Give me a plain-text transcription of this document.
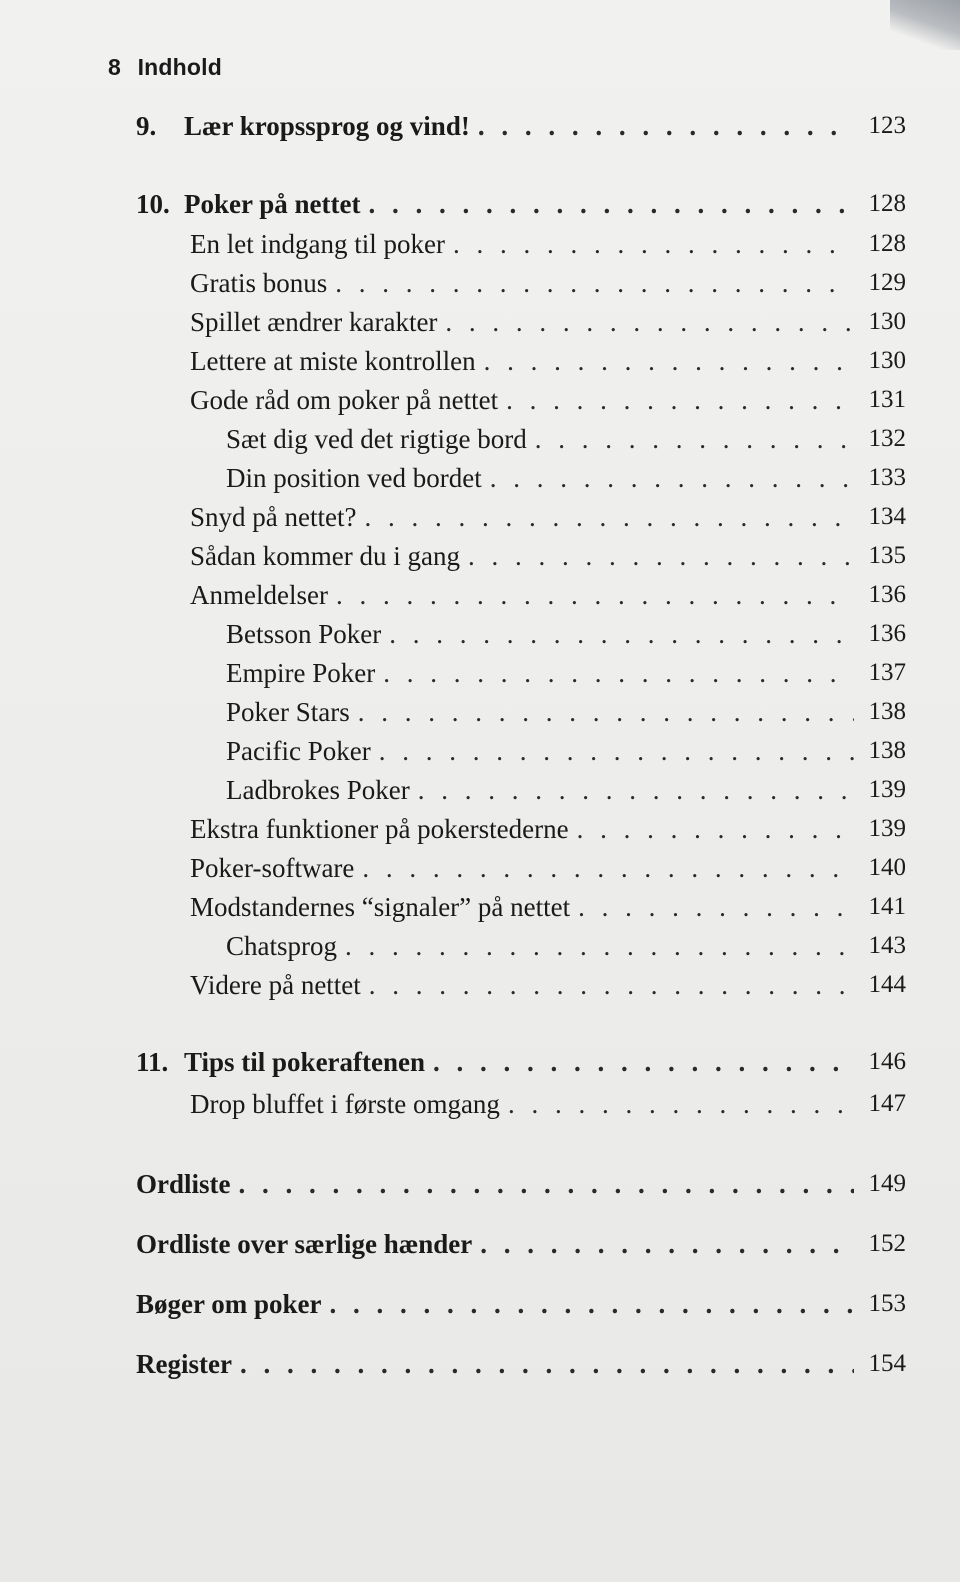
8 Indhold
9. Lær kropssprog og vind! . . .	123
10. Poker på nettet . . .	128
En let indgang til poker . . .	128
Gratis bonus . . .	129
Spillet ændrer karakter . . .	130
Lettere at miste kontrollen . . .	130
Gode råd om poker på nettet . . .	131
Sæt dig ved det rigtige bord . . .	132
Din position ved bordet . . .	133
Snyd på nettet? . . .	134
Sådan kommer du i gang . . .	135
Anmeldelser . . .	136
Betsson Poker . . .	136
Empire Poker . . .	137
Poker Stars . . .	138
Pacific Poker . . .	138
Ladbrokes Poker . . .	139
Ekstra funktioner på pokerstederne . . .	139
Poker-software . . .	140
Modstandernes “signaler” på nettet . . .	141
Chatsprog . . .	143
Videre på nettet . . .	144
11. Tips til pokeraftenen . . .	146
Drop bluffet i første omgang . . .	147
Ordliste . . .	149
Ordliste over særlige hænder . . .	152
Bøger om poker . . .	153
Register . . .	154
